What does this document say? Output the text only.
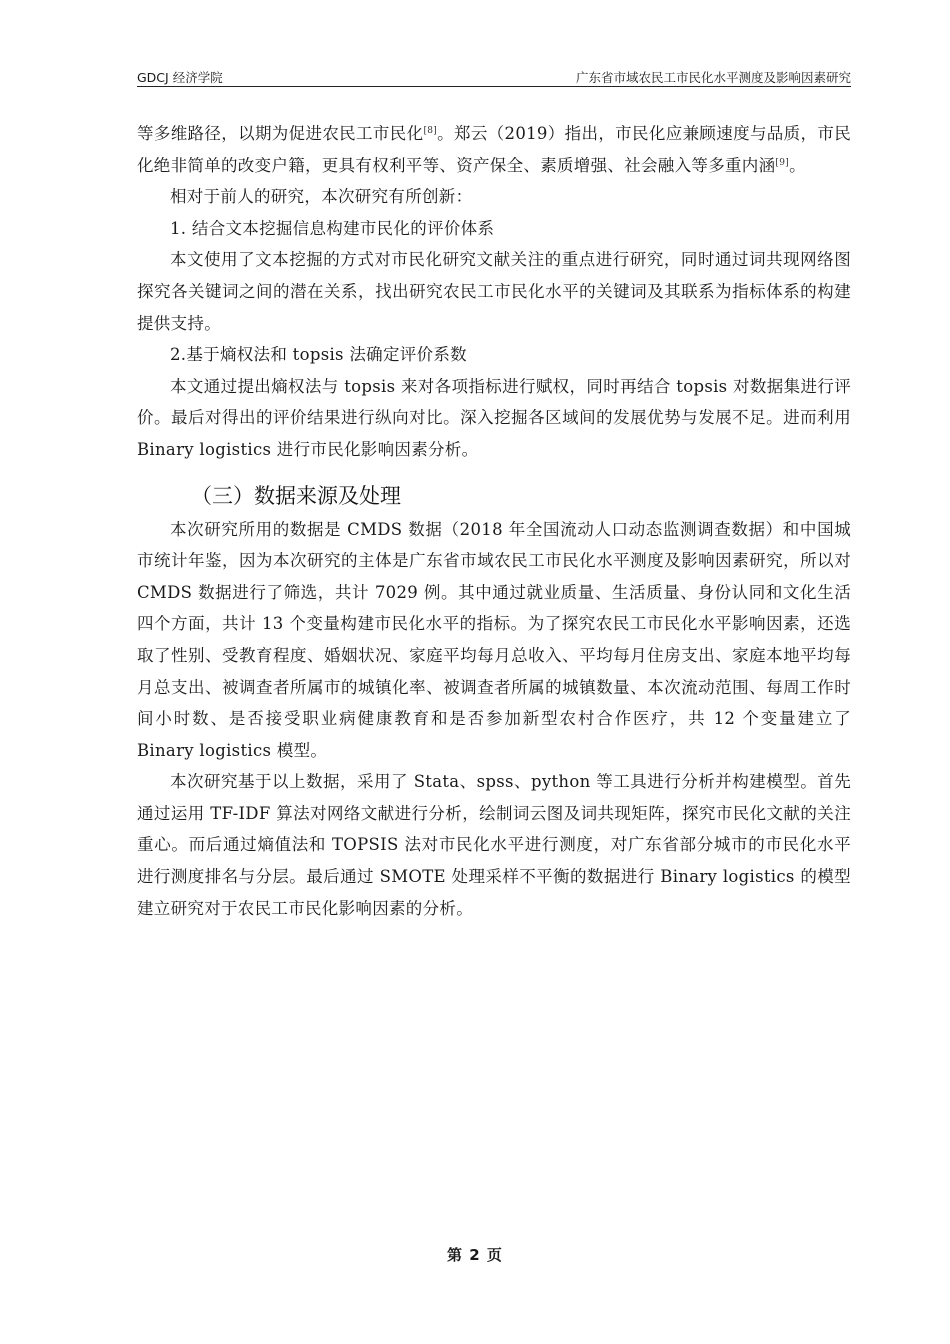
GDCJ 经济学院	广东省市域农民工市民化水平测度及影响因素研究

等多维路径，以期为促进农民工市民化[8]。郑云（2019）指出，市民化应兼顾速度与品质，市民化绝非简单的改变户籍，更具有权利平等、资产保全、素质增强、社会融入等多重内涵[9]。

相对于前人的研究，本次研究有所创新：

1. 结合文本挖掘信息构建市民化的评价体系

本文使用了文本挖掘的方式对市民化研究文献关注的重点进行研究，同时通过词共现网络图探究各关键词之间的潜在关系，找出研究农民工市民化水平的关键词及其联系为指标体系的构建提供支持。

2.基于熵权法和 topsis 法确定评价系数

本文通过提出熵权法与 topsis 来对各项指标进行赋权，同时再结合 topsis 对数据集进行评价。最后对得出的评价结果进行纵向对比。深入挖掘各区域间的发展优势与发展不足。进而利用 Binary logistics 进行市民化影响因素分析。

（三）数据来源及处理

本次研究所用的数据是 CMDS 数据（2018 年全国流动人口动态监测调查数据）和中国城市统计年鉴，因为本次研究的主体是广东省市域农民工市民化水平测度及影响因素研究，所以对 CMDS 数据进行了筛选，共计 7029 例。其中通过就业质量、生活质量、身份认同和文化生活四个方面，共计 13 个变量构建市民化水平的指标。为了探究农民工市民化水平影响因素，还选取了性别、受教育程度、婚姻状况、家庭平均每月总收入、平均每月住房支出、家庭本地平均每月总支出、被调查者所属市的城镇化率、被调查者所属的城镇数量、本次流动范围、每周工作时间小时数、是否接受职业病健康教育和是否参加新型农村合作医疗，共 12 个变量建立了 Binary logistics 模型。

本次研究基于以上数据，采用了 Stata、spss、python 等工具进行分析并构建模型。首先通过运用 TF-IDF 算法对网络文献进行分析，绘制词云图及词共现矩阵，探究市民化文献的关注重心。而后通过熵值法和 TOPSIS 法对市民化水平进行测度，对广东省部分城市的市民化水平进行测度排名与分层。最后通过 SMOTE 处理采样不平衡的数据进行 Binary logistics 的模型建立研究对于农民工市民化影响因素的分析。

第 2 页
